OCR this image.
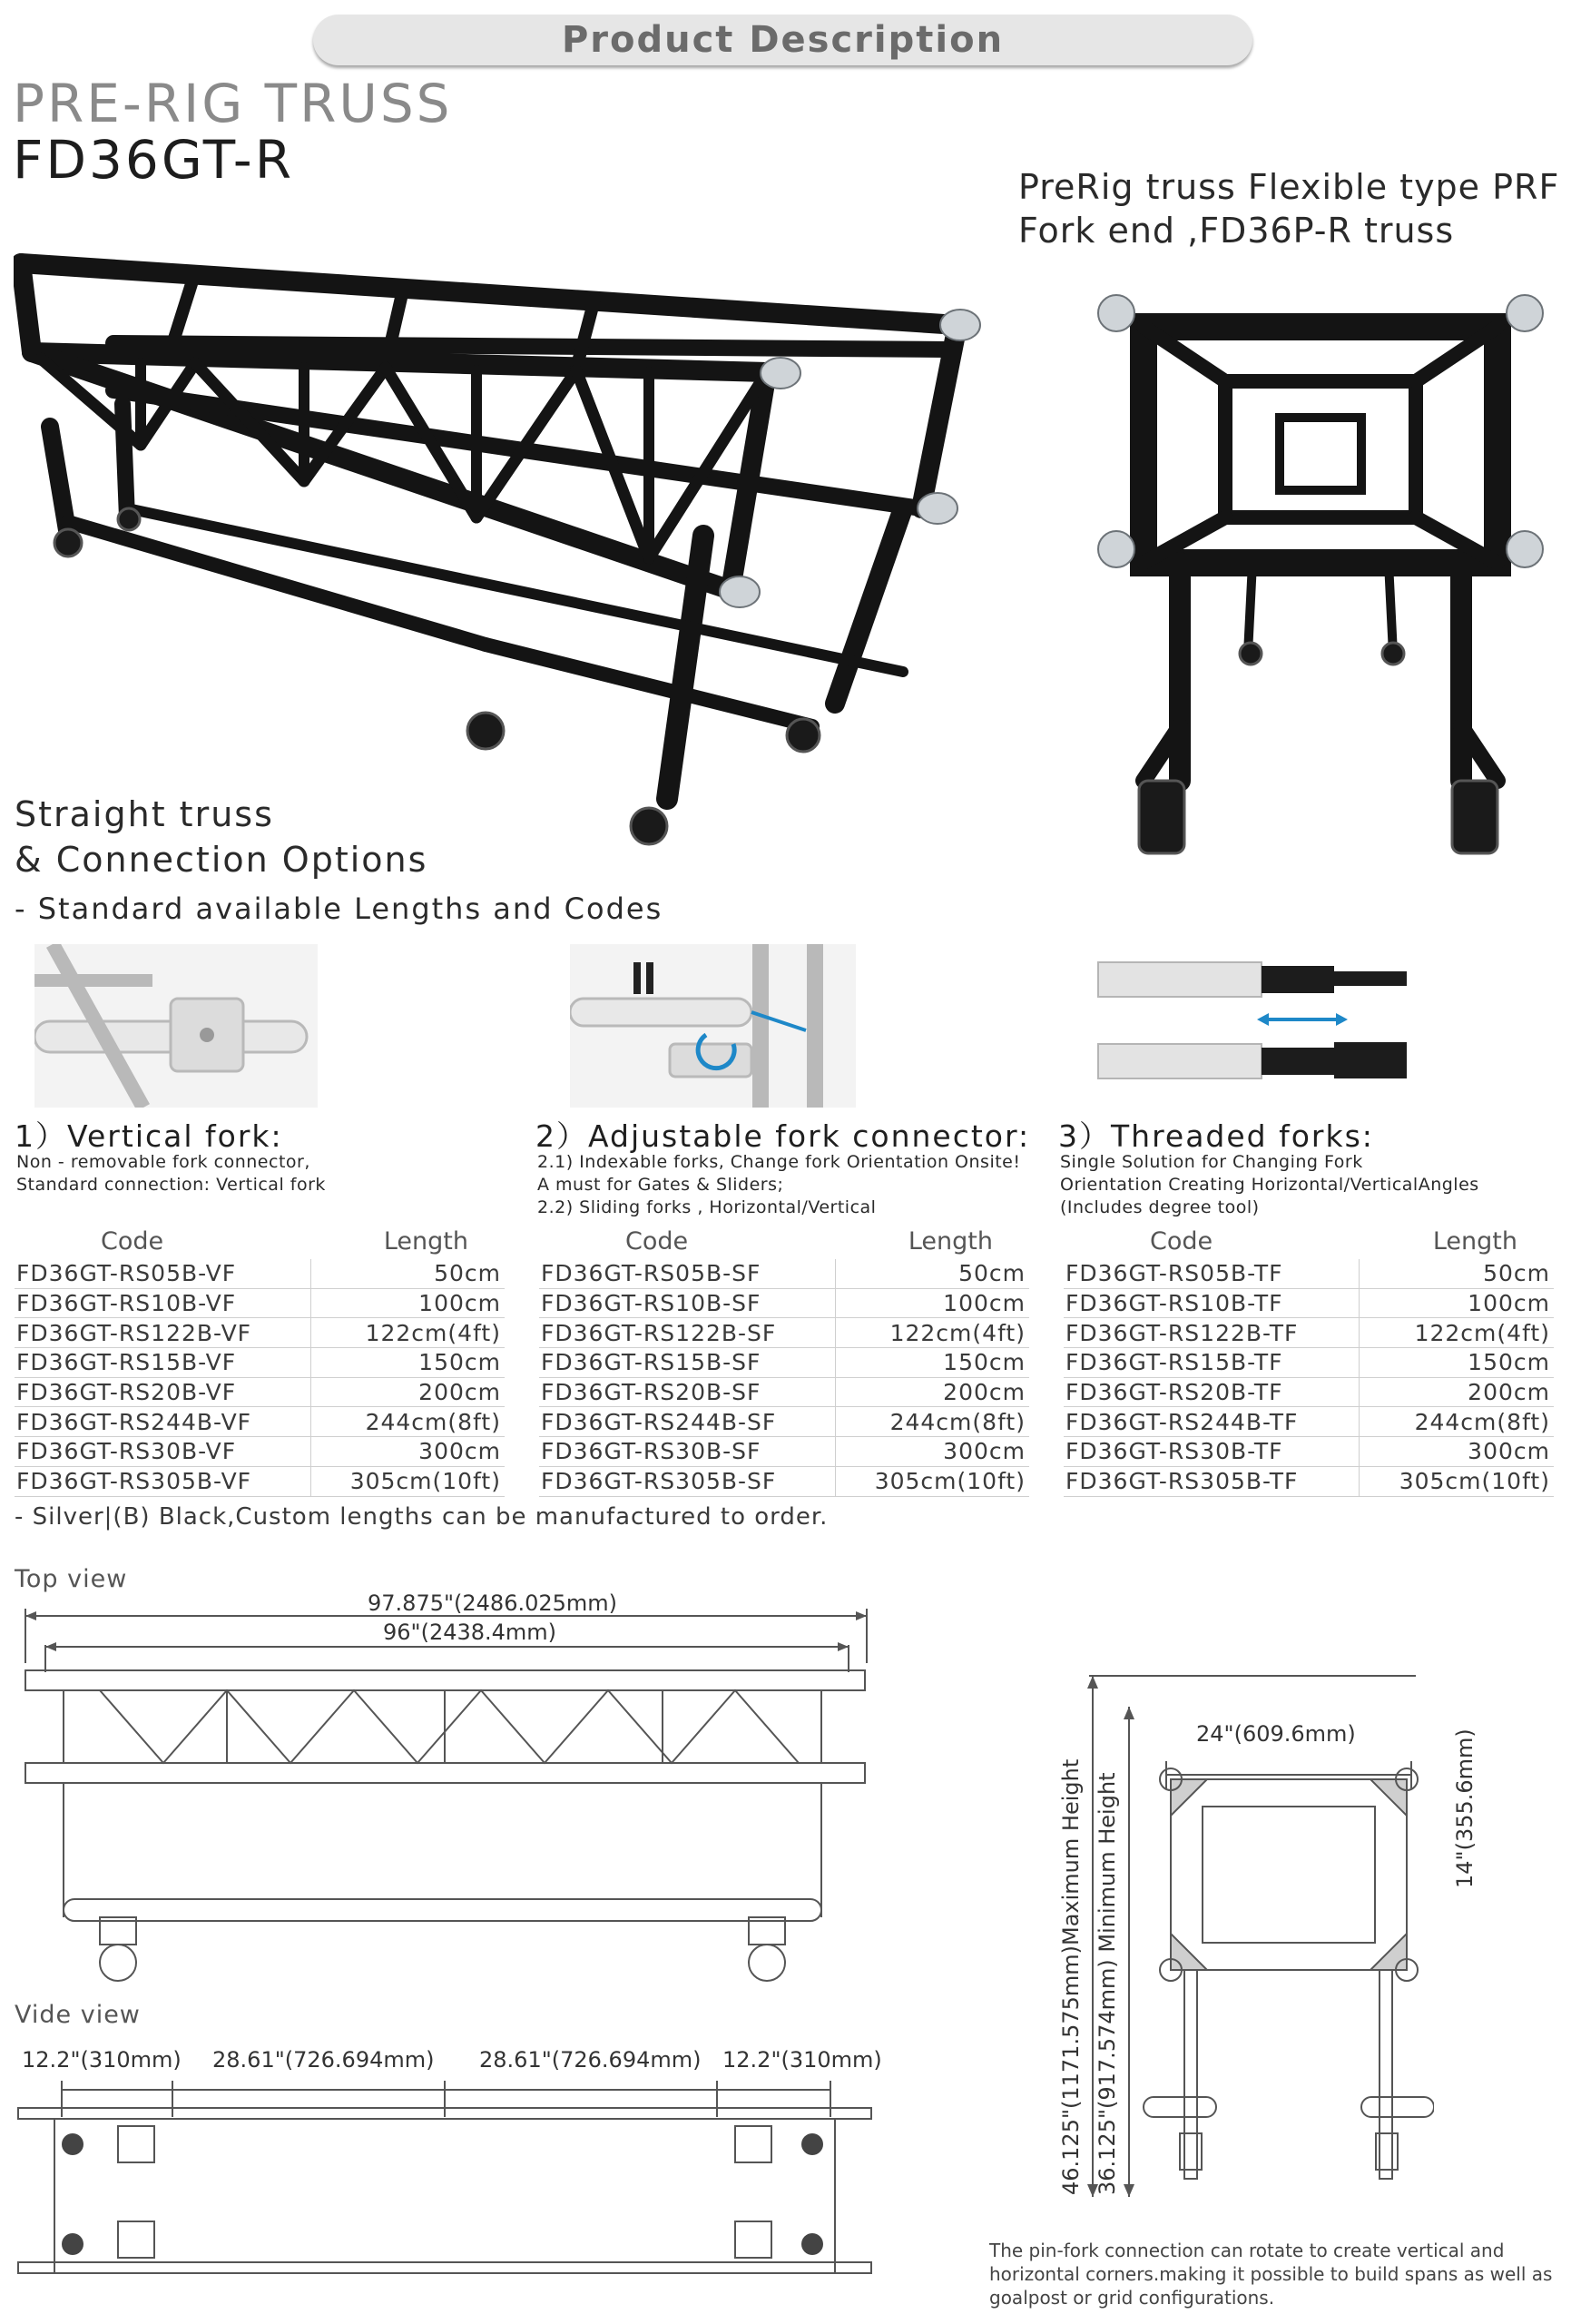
Product Description
PRE-RIG TRUSS
FD36GT-R	PreRig truss Flexible type PRF
Fork end ,FD36P-R truss
Straight truss
& Connection Options
- Standard available Lengths and Codes
1）Vertical fork:
Non - removable fork connector,
Standard connection: Vertical fork
2）Adjustable fork connector:
2.1) Indexable forks, Change fork Orientation Onsite!
A must for Gates & Sliders;
2.2) Sliding forks , Horizontal/Vertical
3）Threaded forks:
Single Solution for Changing Fork
Orientation Creating Horizontal/VerticalAngles
(Includes degree tool)
Code	Length
FD36GT-RS05B-VF	50cm
FD36GT-RS10B-VF	100cm
FD36GT-RS122B-VF	122cm(4ft)
FD36GT-RS15B-VF	150cm
FD36GT-RS20B-VF	200cm
FD36GT-RS244B-VF	244cm(8ft)
FD36GT-RS30B-VF	300cm
FD36GT-RS305B-VF	305cm(10ft)
Code	Length
FD36GT-RS05B-SF	50cm
FD36GT-RS10B-SF	100cm
FD36GT-RS122B-SF	122cm(4ft)
FD36GT-RS15B-SF	150cm
FD36GT-RS20B-SF	200cm
FD36GT-RS244B-SF	244cm(8ft)
FD36GT-RS30B-SF	300cm
FD36GT-RS305B-SF	305cm(10ft)
Code	Length
FD36GT-RS05B-TF	50cm
FD36GT-RS10B-TF	100cm
FD36GT-RS122B-TF	122cm(4ft)
FD36GT-RS15B-TF	150cm
FD36GT-RS20B-TF	200cm
FD36GT-RS244B-TF	244cm(8ft)
FD36GT-RS30B-TF	300cm
FD36GT-RS305B-TF	305cm(10ft)
- Silver|(B) Black,Custom lengths can be manufactured to order.
Top view
97.875"(2486.025mm)
96"(2438.4mm)
Vide view
12.2"(310mm) 28.61"(726.694mm) 28.61"(726.694mm) 12.2"(310mm)
24"(609.6mm)	14"(355.6mm)
46.125"(1171.575mm)Maximum Height 36.125"(917.574mm) Minimum Height
The pin-fork connection can rotate to create vertical and horizontal corners.making it possible to build spans as well as goalpost or grid configurations.
